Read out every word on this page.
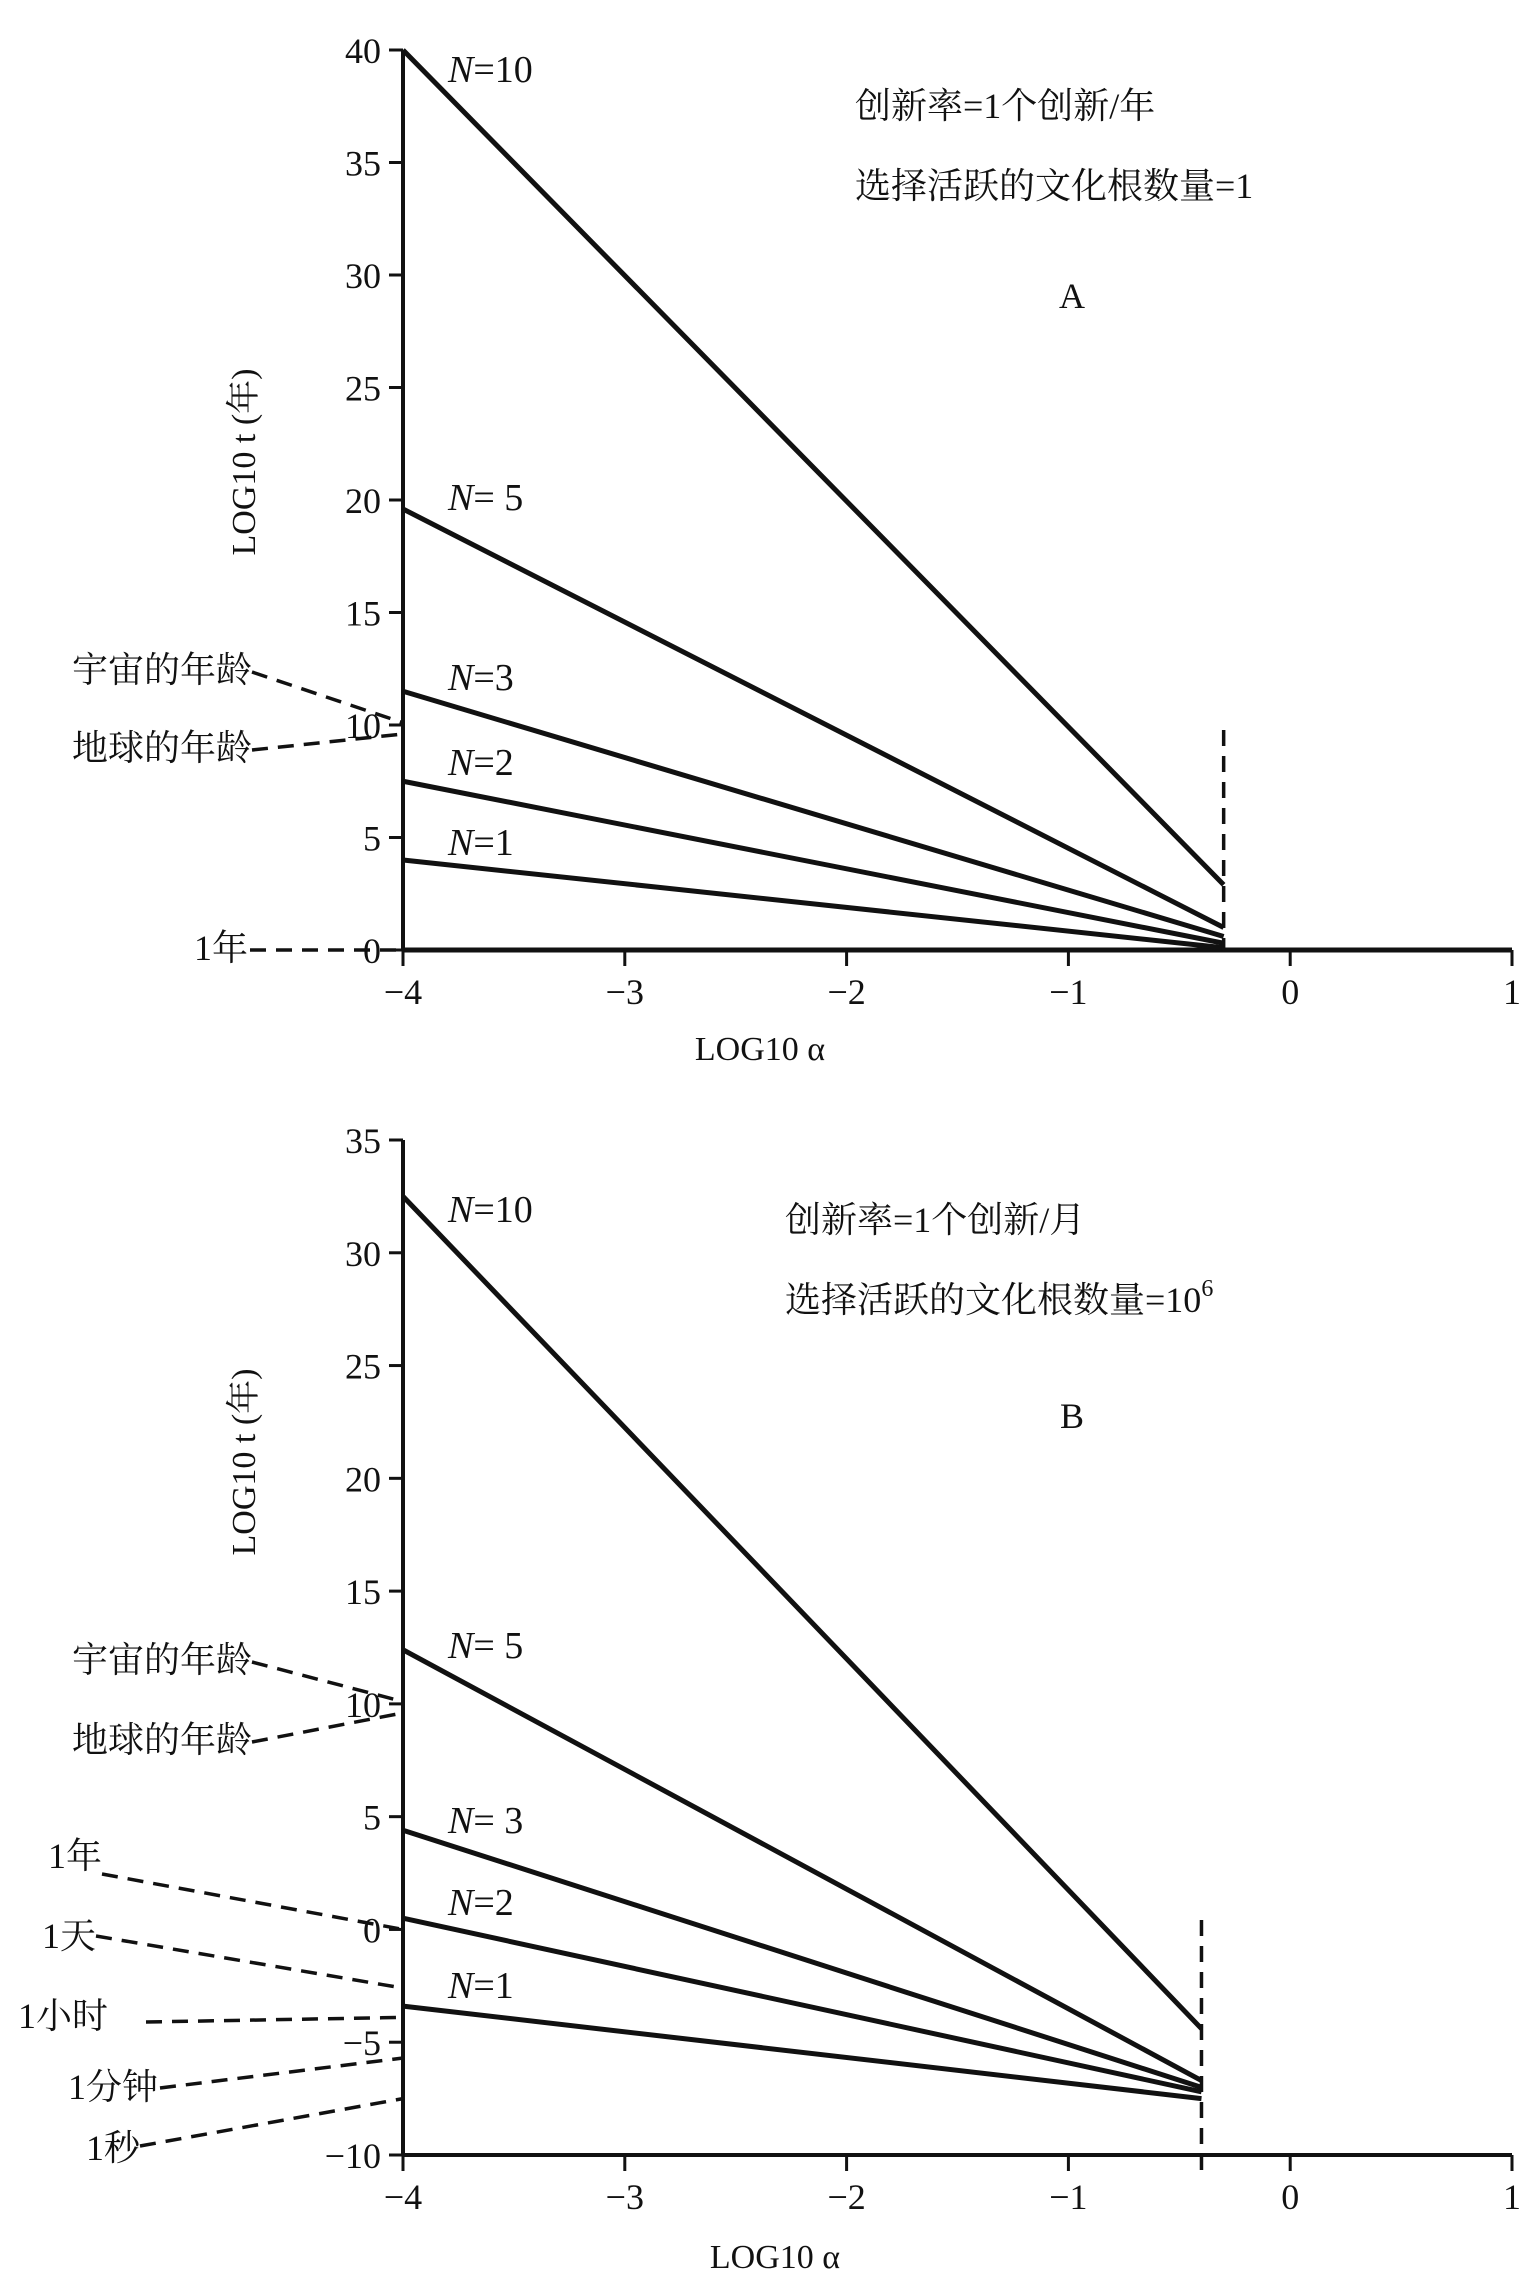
0
5
10
15
20
25
30
35
40
−4	−3	−2	−1	0	1
N=10
N= 5
N=3
N=2
N=1
宇宙的年龄
地球的年龄
1年
创新率=1个创新/年
选择活跃的文化根数量=1
A
LOG10 α
LOG10 t (年)
−10
−5
0
5
10
15
20
25
30
35
−4	−3	−2	−1	0	1
N=10
N= 5
N= 3
N=2
N=1
宇宙的年龄
地球的年龄
1年
1天
1小时
1分钟
1秒
创新率=1个创新/月
选择活跃的文化根数量$=10^6$
B
LOG10 α
LOG10 t (年)
